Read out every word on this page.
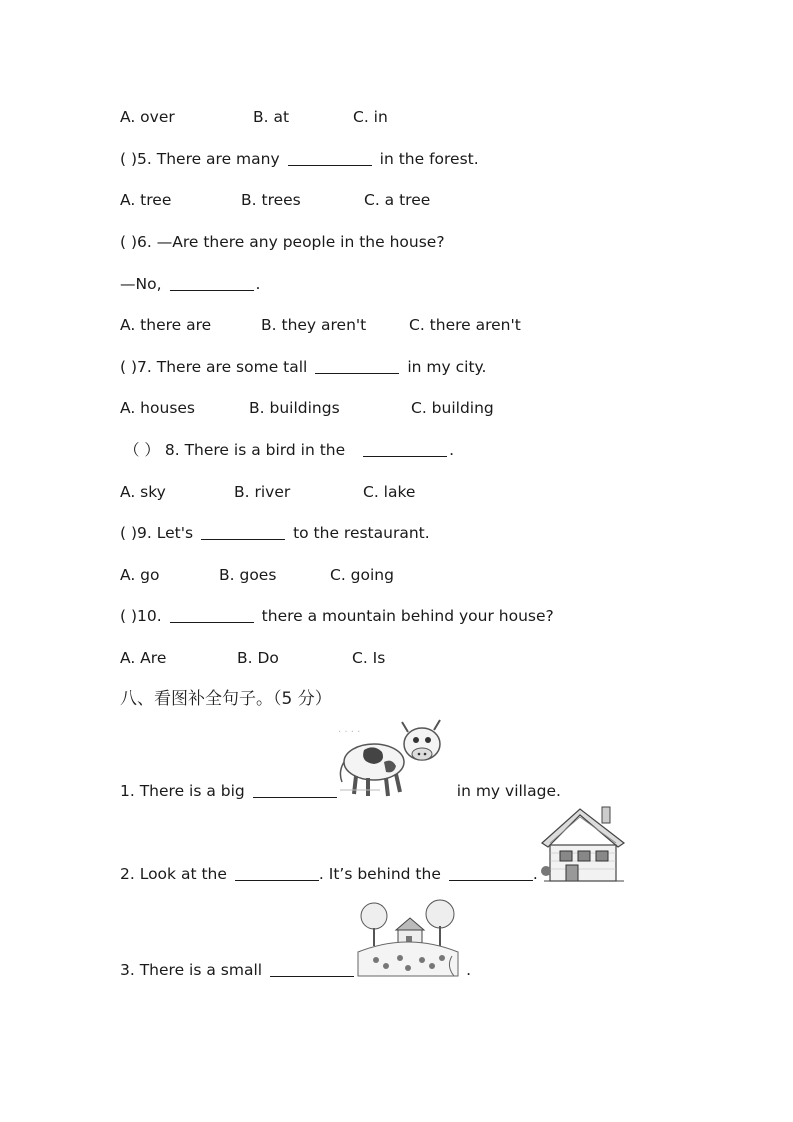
A. over	B. at	C. in
( )5. There are many	in the forest.
A. tree	B. trees	C. a tree
( )6. —Are there any people in the house?
—No,	.
A. there are	B. they aren't	C. there aren't
( )7. There are some tall	in my city.
A. houses	B. buildings	C. building
（ ） 8. There is a bird in the	.
A. sky	B. river	C. lake
( )9. Let's	to the restaurant.
A. go	B. goes	C. going
( )10.	there a mountain behind your house?
A. Are	B. Do	C. Is
八、看图补全句子。（5 分）
. . . .
1. There is a big	in my village.
2. Look at the	. It’s behind the	.
3. There is a small	.
